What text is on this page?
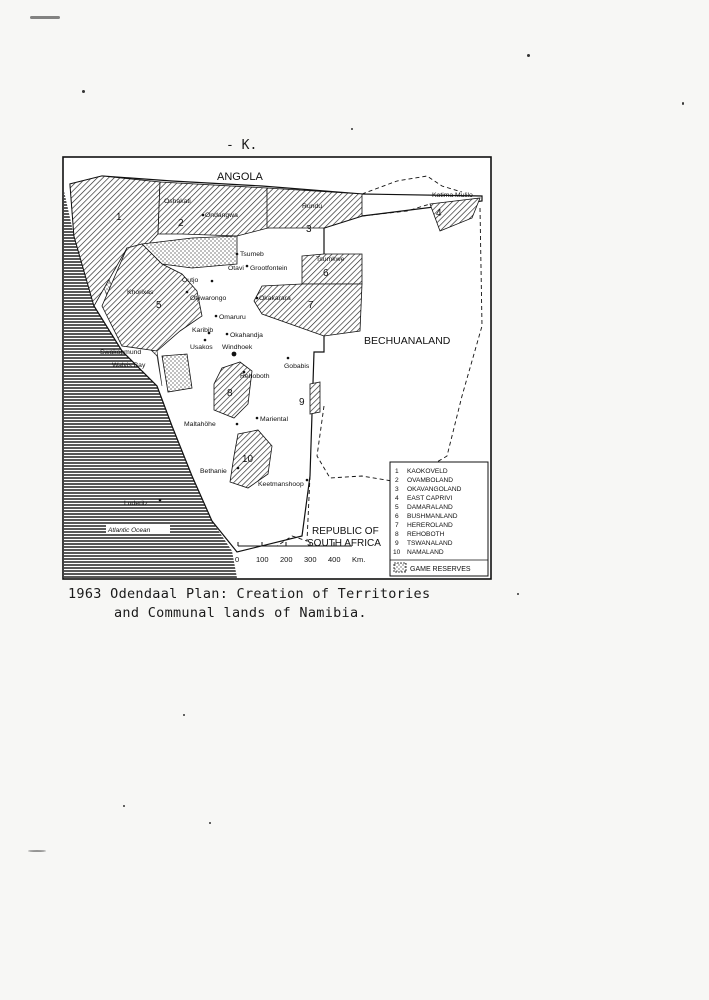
- K.
ANGOLA
BECHUANALAND
REPUBLIC OF
SOUTH AFRICA
Atlantic Ocean
1
2
3
4
5
6
7
8
9
10
Oshakati
Ondangwa
Rundu
Katima Mulilo
Tsumeb
Otavi Grootfontein
Tsumkwe
Outjo
Khorixas
Otjiwarongo	Okakarara
Omaruru
Karibib
Okahandja
Usakos Windhoek
Swakopmund
Walvis Bay	Gobabis
Rehoboth
Maltahöhe
Mariental
Bethanie
Keetmanshoop
Luderitz
0 100 200 300 400 Km.
1 KAOKOVELD
2 OVAMBOLAND
3 OKAVANGOLAND
4 EAST CAPRIVI
5 DAMARALAND
6 BUSHMANLAND
7 HEREROLAND
8 REHOBOTH
9 TSWANALAND
10 NAMALAND
GAME RESERVES
1963 Odendaal Plan: Creation of Territories
and Communal lands of Namibia.
